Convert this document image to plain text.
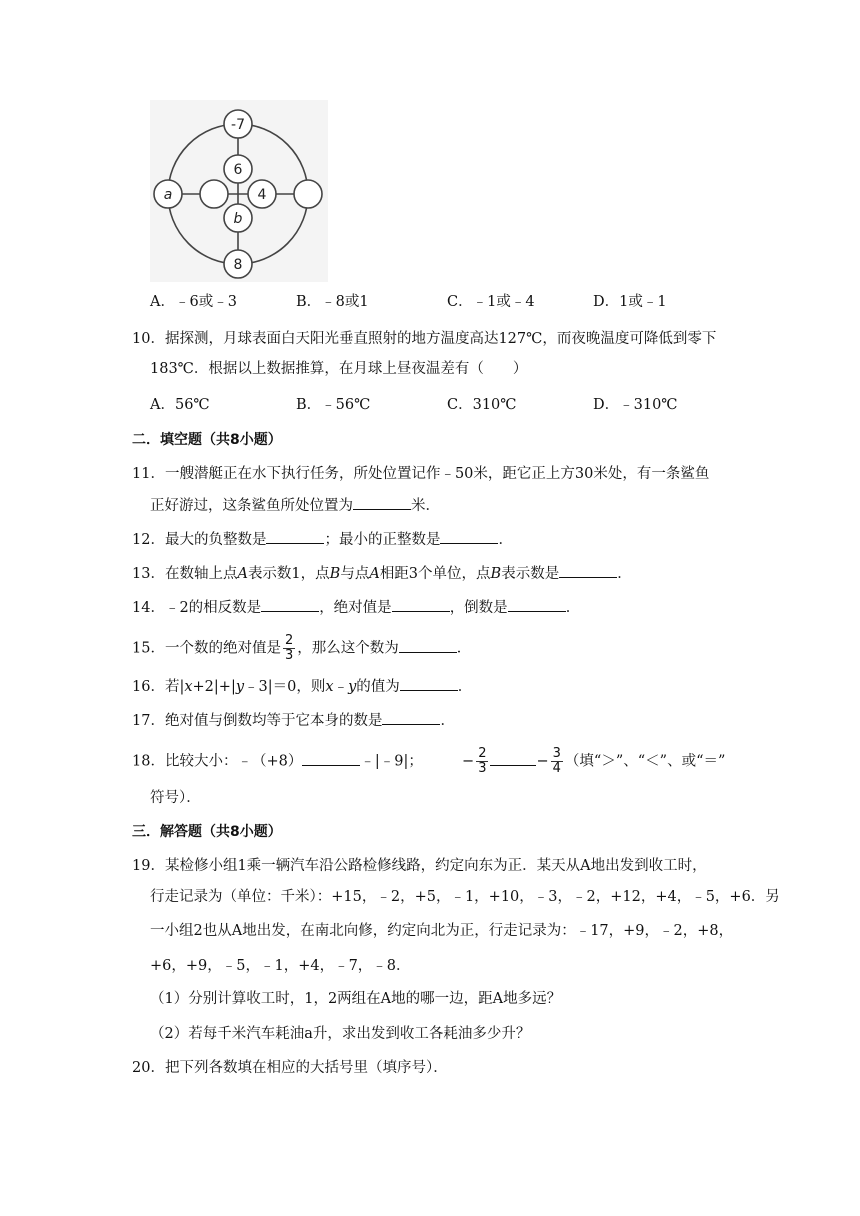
-7
6
4
b
8
a
A．﹣6或﹣3	B．﹣8或1	C．﹣1或﹣4	D．1或﹣1
10．据探测，月球表面白天阳光垂直照射的地方温度高达127℃，而夜晚温度可降低到零下
183℃．根据以上数据推算，在月球上昼夜温差有（　　）
A．56℃	B．﹣56℃	C．310℃	D．﹣310℃
二．填空题（共8小题）
11．一艘潜艇正在水下执行任务，所处位置记作﹣50米，距它正上方30米处，有一条鲨鱼
正好游过，这条鲨鱼所处位置为	米．
12．最大的负整数是	；最小的正整数是	．
13．在数轴上点A表示数1，点B与点A相距3个单位，点B表示数是	．
14．﹣2的相反数是	，绝对值是	，倒数是	．
15．一个数的绝对值是 $\frac{2}{3}$ ，那么这个数为	．
16．若|x+2|+|y﹣3|＝0，则x﹣y的值为	．
17．绝对值与倒数均等于它本身的数是	．
18．比较大小：﹣（+8）	﹣|﹣9|；	− $\frac{2}{3}$	− $\frac{3}{4}$ （填“＞”、“＜”、或“＝”
符号）．
三．解答题（共8小题）
19．某检修小组1乘一辆汽车沿公路检修线路，约定向东为正．某天从A地出发到收工时，
行走记录为（单位：千米）：+15，﹣2，+5，﹣1，+10，﹣3，﹣2，+12，+4，﹣5，+6．另
一小组2也从A地出发，在南北向修，约定向北为正，行走记录为：﹣17，+9，﹣2，+8，
+6，+9，﹣5，﹣1，+4，﹣7，﹣8．
（1）分别计算收工时，1，2两组在A地的哪一边，距A地多远？
（2）若每千米汽车耗油a升，求出发到收工各耗油多少升？
20．把下列各数填在相应的大括号里（填序号）．
